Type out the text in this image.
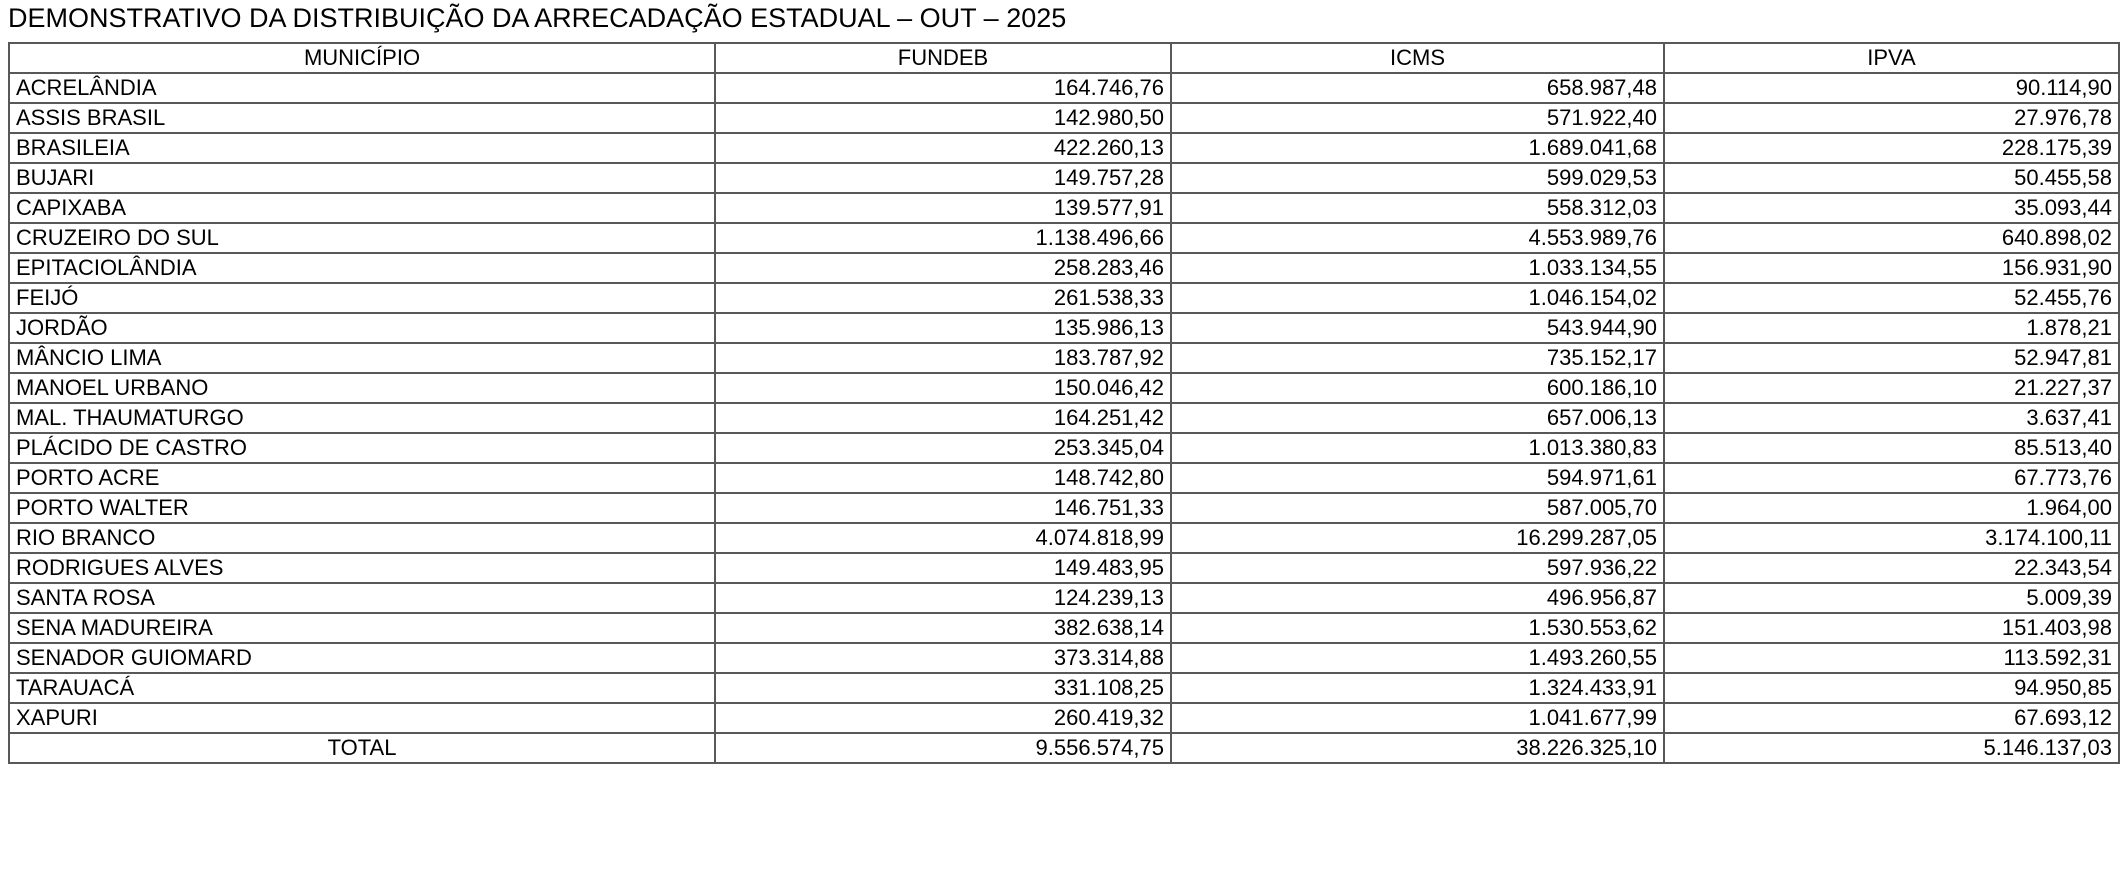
DEMONSTRATIVO DA DISTRIBUIÇÃO DA ARRECADAÇÃO ESTADUAL – OUT – 2025
MUNICÍPIO	FUNDEB	ICMS	IPVA
ACRELÂNDIA	164.746,76	658.987,48	90.114,90
ASSIS BRASIL	142.980,50	571.922,40	27.976,78
BRASILEIA	422.260,13	1.689.041,68	228.175,39
BUJARI	149.757,28	599.029,53	50.455,58
CAPIXABA	139.577,91	558.312,03	35.093,44
CRUZEIRO DO SUL	1.138.496,66	4.553.989,76	640.898,02
EPITACIOLÂNDIA	258.283,46	1.033.134,55	156.931,90
FEIJÓ	261.538,33	1.046.154,02	52.455,76
JORDÃO	135.986,13	543.944,90	1.878,21
MÂNCIO LIMA	183.787,92	735.152,17	52.947,81
MANOEL URBANO	150.046,42	600.186,10	21.227,37
MAL. THAUMATURGO	164.251,42	657.006,13	3.637,41
PLÁCIDO DE CASTRO	253.345,04	1.013.380,83	85.513,40
PORTO ACRE	148.742,80	594.971,61	67.773,76
PORTO WALTER	146.751,33	587.005,70	1.964,00
RIO BRANCO	4.074.818,99	16.299.287,05	3.174.100,11
RODRIGUES ALVES	149.483,95	597.936,22	22.343,54
SANTA ROSA	124.239,13	496.956,87	5.009,39
SENA MADUREIRA	382.638,14	1.530.553,62	151.403,98
SENADOR GUIOMARD	373.314,88	1.493.260,55	113.592,31
TARAUACÁ	331.108,25	1.324.433,91	94.950,85
XAPURI	260.419,32	1.041.677,99	67.693,12
TOTAL	9.556.574,75	38.226.325,10	5.146.137,03
